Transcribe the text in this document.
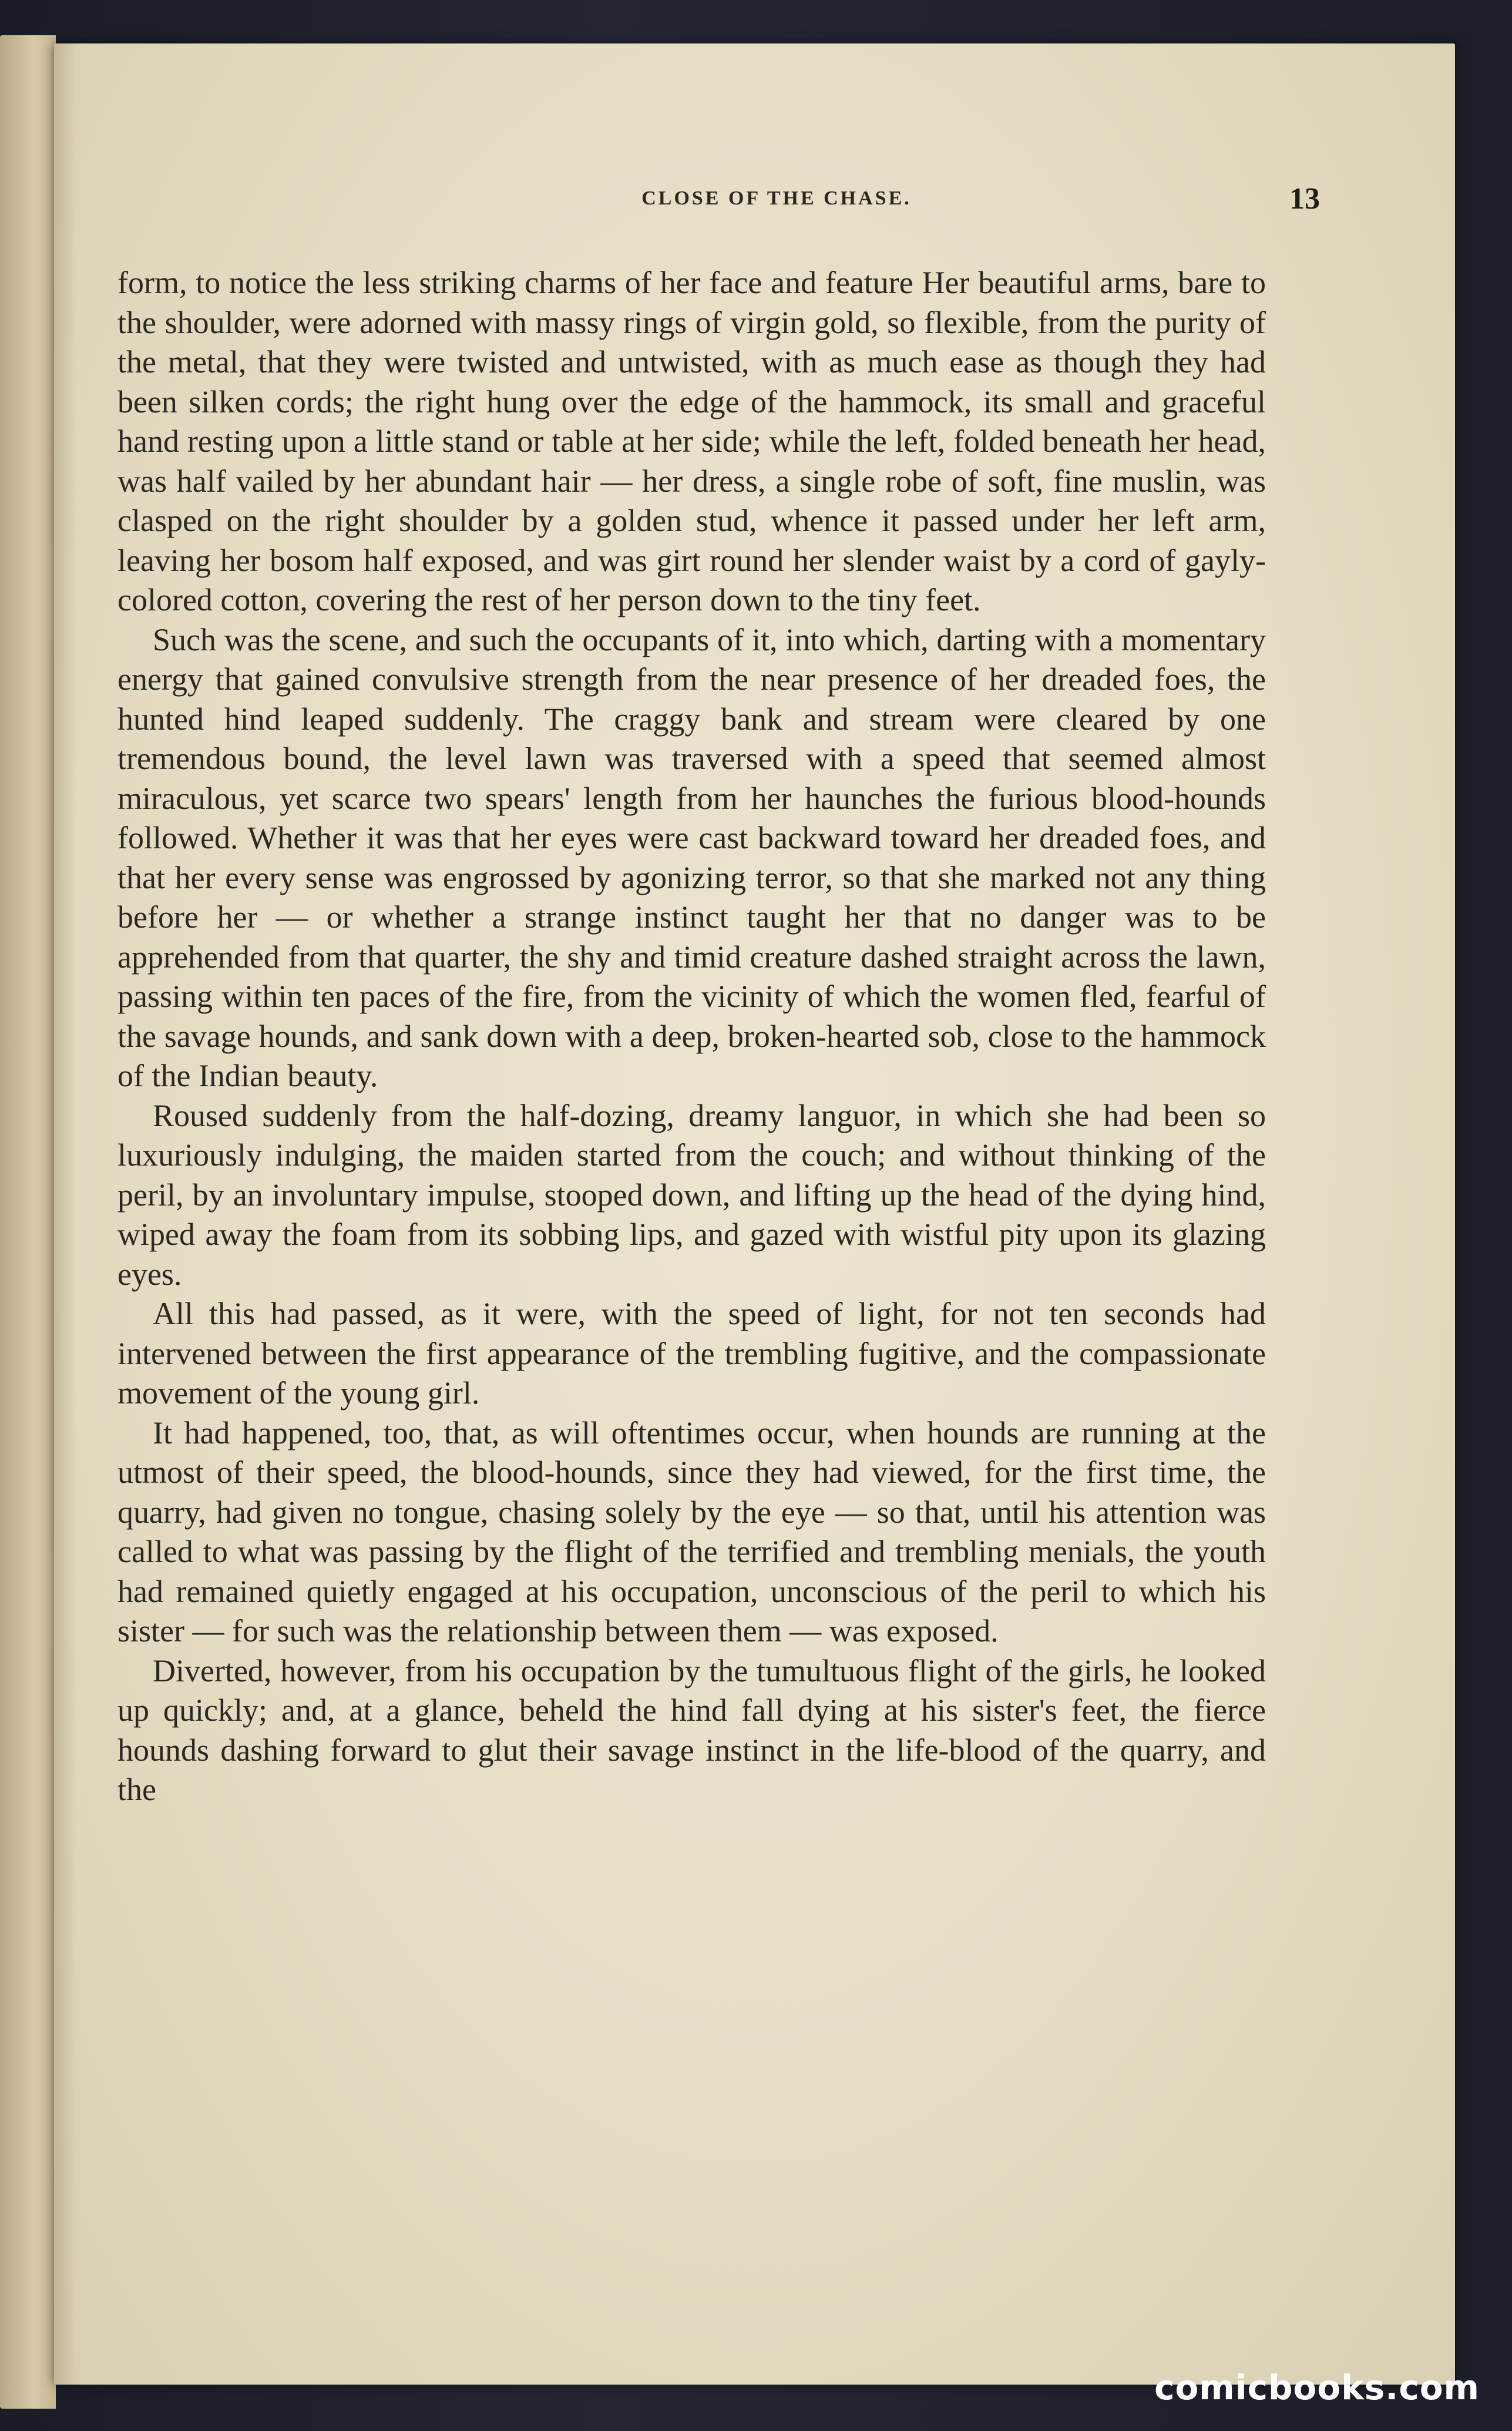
CLOSE OF THE CHASE.	13

form, to notice the less striking charms of her face and feature Her beautiful arms, bare to the shoulder, were adorned with massy rings of virgin gold, so flexible, from the purity of the metal, that they were twisted and untwisted, with as much ease as though they had been silken cords; the right hung over the edge of the hammock, its small and graceful hand resting upon a little stand or table at her side; while the left, folded beneath her head, was half vailed by her abundant hair — her dress, a single robe of soft, fine muslin, was clasped on the right shoulder by a golden stud, whence it passed under her left arm, leaving her bosom half exposed, and was girt round her slender waist by a cord of gayly-colored cotton, covering the rest of her person down to the tiny feet.

Such was the scene, and such the occupants of it, into which, darting with a momentary energy that gained convulsive strength from the near presence of her dreaded foes, the hunted hind leaped suddenly. The craggy bank and stream were cleared by one tremendous bound, the level lawn was traversed with a speed that seemed almost miraculous, yet scarce two spears' length from her haunches the furious blood-hounds followed. Whether it was that her eyes were cast backward toward her dreaded foes, and that her every sense was engrossed by agonizing terror, so that she marked not any thing before her — or whether a strange instinct taught her that no danger was to be apprehended from that quarter, the shy and timid creature dashed straight across the lawn, passing within ten paces of the fire, from the vicinity of which the women fled, fearful of the savage hounds, and sank down with a deep, broken-hearted sob, close to the hammock of the Indian beauty.

Roused suddenly from the half-dozing, dreamy languor, in which she had been so luxuriously indulging, the maiden started from the couch; and without thinking of the peril, by an involuntary impulse, stooped down, and lifting up the head of the dying hind, wiped away the foam from its sobbing lips, and gazed with wistful pity upon its glazing eyes.

All this had passed, as it were, with the speed of light, for not ten seconds had intervened between the first appearance of the trembling fugitive, and the compassionate movement of the young girl.

It had happened, too, that, as will oftentimes occur, when hounds are running at the utmost of their speed, the blood-hounds, since they had viewed, for the first time, the quarry, had given no tongue, chasing solely by the eye — so that, until his attention was called to what was passing by the flight of the terrified and trembling menials, the youth had remained quietly engaged at his occupation, unconscious of the peril to which his sister — for such was the relationship between them — was exposed.

Diverted, however, from his occupation by the tumultuous flight of the girls, he looked up quickly; and, at a glance, beheld the hind fall dying at his sister's feet, the fierce hounds dashing forward to glut their savage instinct in the life-blood of the quarry, and the

comicbooks.com
